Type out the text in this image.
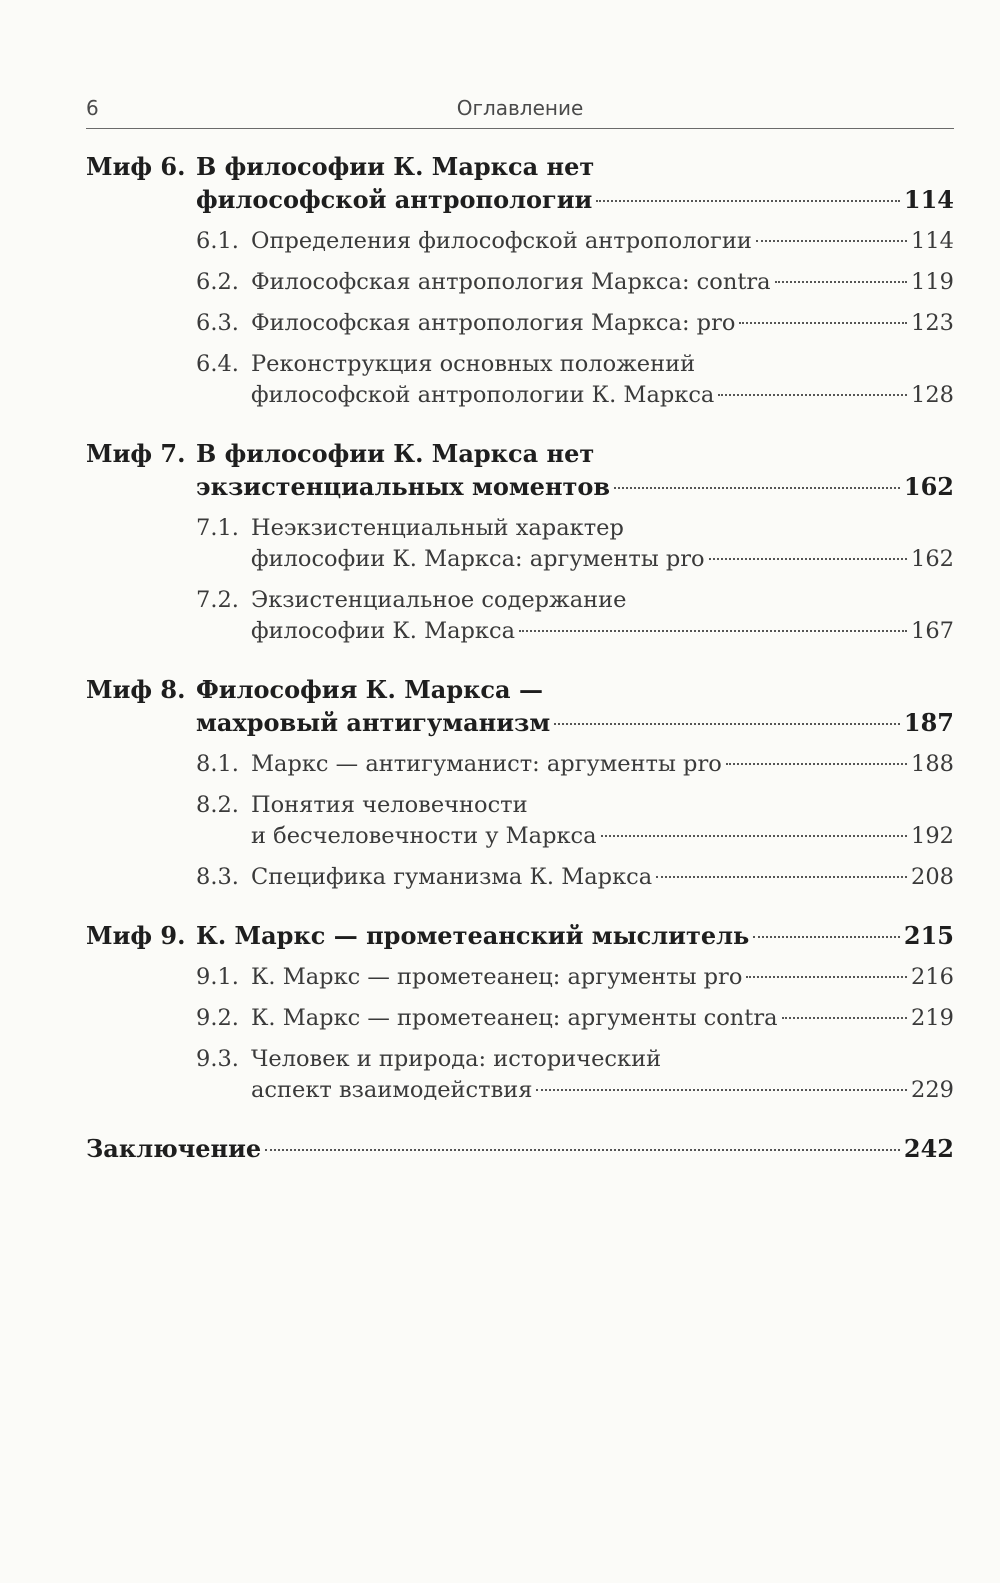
6	Оглавление
Миф 6. В философии К. Маркса нет
философской антропологии	114
6.1. Определения философской антропологии	114
6.2. Философская антропология Маркса: contra	119
6.3. Философская антропология Маркса: pro	123
6.4. Реконструкция основных положений
философской антропологии К. Маркса	128
Миф 7. В философии К. Маркса нет
экзистенциальных моментов	162
7.1. Неэкзистенциальный характер
философии К. Маркса: аргументы pro	162
7.2. Экзистенциальное содержание
философии К. Маркса	167
Миф 8. Философия К. Маркса —
махровый антигуманизм	187
8.1. Маркс — антигуманист: аргументы pro	188
8.2. Понятия человечности
и бесчеловечности у Маркса	192
8.3. Специфика гуманизма К. Маркса	208
Миф 9. К. Маркс — прометеанский мыслитель	215
9.1. К. Маркс — прометеанец: аргументы pro	216
9.2. К. Маркс — прометеанец: аргументы contra	219
9.3. Человек и природа: исторический
аспект взаимодействия	229
Заключение	242
